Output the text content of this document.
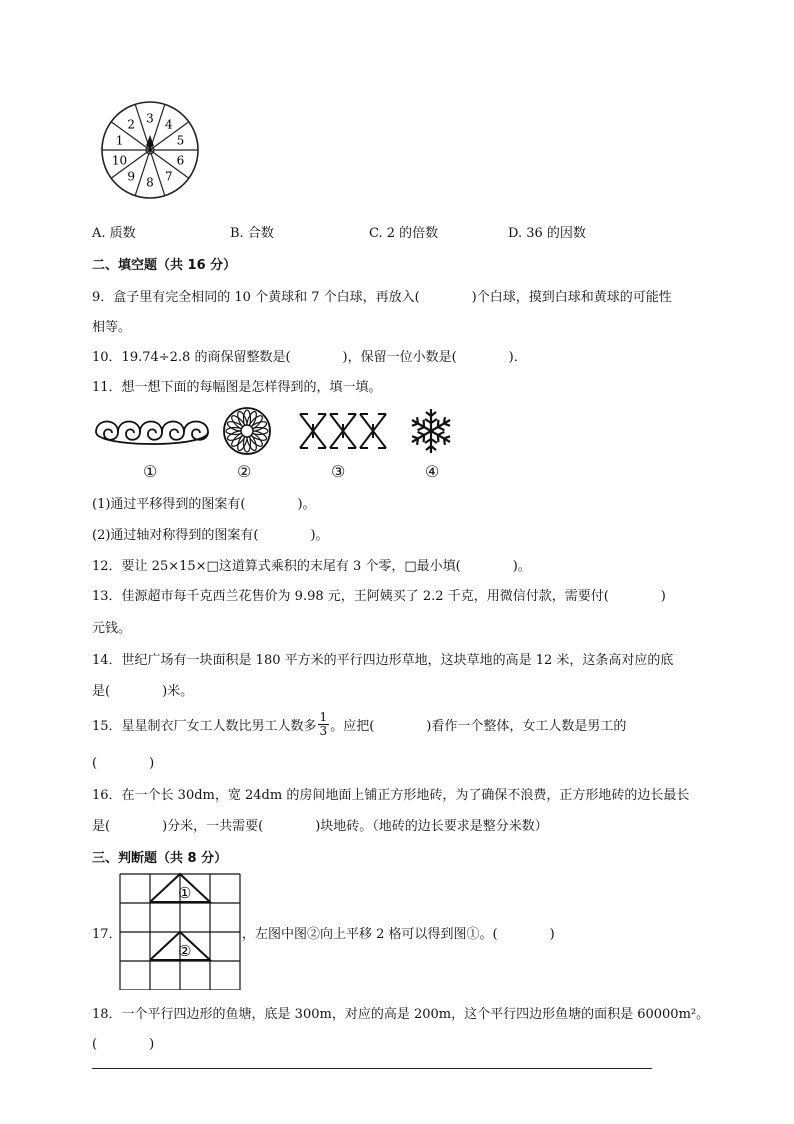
3 4
5
6
7
8
9
10
1
2
A. 质数	B. 合数	C. 2 的倍数	D. 36 的因数
二、填空题（共 16 分）
9．盒子里有完全相同的 10 个黄球和 7 个白球，再放入(　　　　)个白球，摸到白球和黄球的可能性
相等。
10．19.74÷2.8 的商保留整数是(　　　　)，保留一位小数是(　　　　)．
11．想一想下面的每幅图是怎样得到的，填一填。
①	②	③	④
(1)通过平移得到的图案有(　　　　)。
(2)通过轴对称得到的图案有(　　　　)。
12．要让 25×15×□这道算式乘积的末尾有 3 个零，□最小填(　　　　)。
13．佳源超市每千克西兰花售价为 9.98 元，王阿姨买了 2.2 千克，用微信付款，需要付(　　　　)
元钱。
14．世纪广场有一块面积是 180 平方米的平行四边形草地，这块草地的高是 12 米，这条高对应的底
是(　　　　)米。
15．星星制衣厂女工人数比男工人数多
1
3 。应把(　　　　)看作一个整体，女工人数是男工的
(　　　　)
16．在一个长 30dm，宽 24dm 的房间地面上铺正方形地砖，为了确保不浪费，正方形地砖的边长最长
是(　　　　)分米，一共需要(　　　　)块地砖。（地砖的边长要求是整分米数）
三、判断题（共 8 分）
①
②
17．	，左图中图②向上平移 2 格可以得到图①。(　　　　)
18．一个平行四边形的鱼塘，底是 300m，对应的高是 200m，这个平行四边形鱼塘的面积是 60000m²。
(　　　　)
